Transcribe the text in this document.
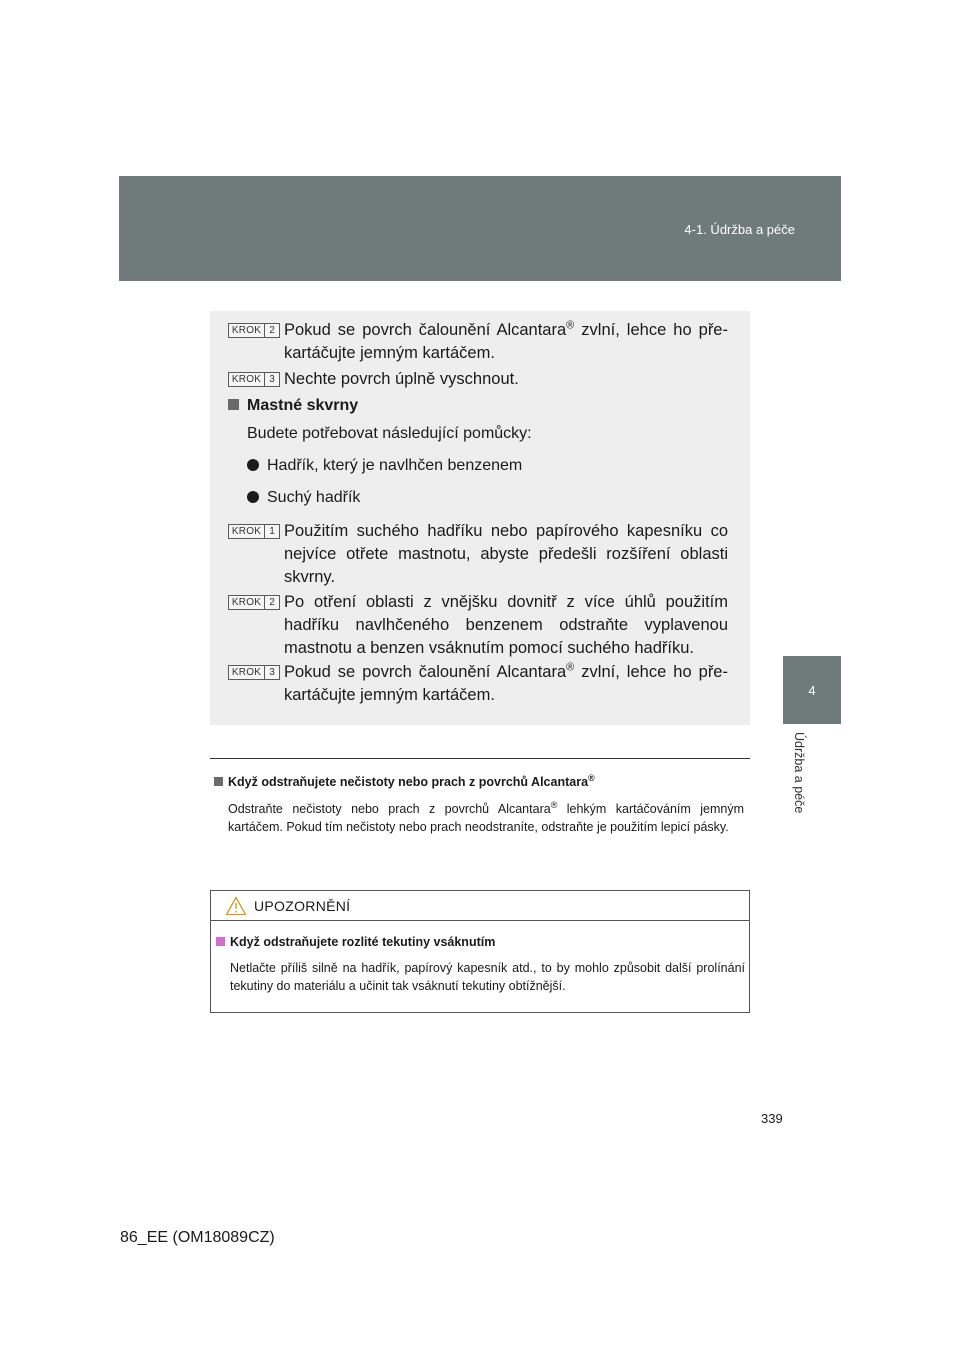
4-1. Údržba a péče
4
Údržba a péče
KROK 2 Pokud se povrch čalounění Alcantara® zvlní, lehce ho pře-kartáčujte jemným kartáčem.
KROK 3 Nechte povrch úplně vyschnout.
Mastné skvrny
Budete potřebovat následující pomůcky:
Hadřík, který je navlhčen benzenem
Suchý hadřík
KROK 1 Použitím suchého hadříku nebo papírového kapesníku co nejvíce otřete mastnotu, abyste předešli rozšíření oblasti skvrny.
KROK 2 Po otření oblasti z vnějšku dovnitř z více úhlů použitím hadříku navlhčeného benzenem odstraňte vyplavenou mastnotu a benzen vsáknutím pomocí suchého hadříku.
KROK 3 Pokud se povrch čalounění Alcantara® zvlní, lehce ho pře-kartáčujte jemným kartáčem.
Když odstraňujete nečistoty nebo prach z povrchů Alcantara®
Odstraňte nečistoty nebo prach z povrchů Alcantara® lehkým kartáčováním jemným kartáčem. Pokud tím nečistoty nebo prach neodstraníte, odstraňte je použitím lepicí pásky.
UPOZORNĚNÍ
Když odstraňujete rozlité tekutiny vsáknutím
Netlačte příliš silně na hadřík, papírový kapesník atd., to by mohlo způsobit další prolínání tekutiny do materiálu a učinit tak vsáknutí tekutiny obtížnější.
339
86_EE (OM18089CZ)
